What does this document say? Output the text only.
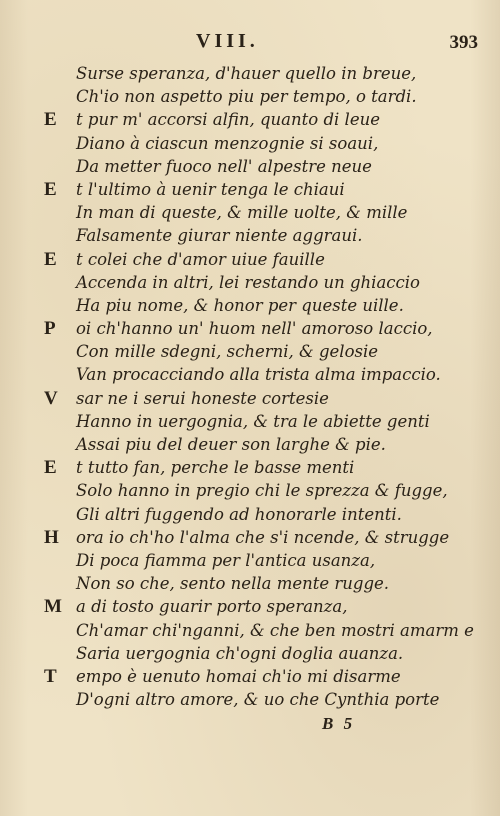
VIII.	393
Surse speranza, d'hauer quello in breue,
Ch'io non aspetto piu per tempo, o tardi.
E t pur m' accorsi alfin, quanto di leue
Diano à ciascun menzognie si soaui,
Da metter fuoco nell' alpestre neue
E t l'ultimo à uenir tenga le chiaui
In man di queste, & mille uolte, & mille
Falsamente giurar niente aggraui.
E t colei che d'amor uiue fauille
Accenda in altri, lei restando un ghiaccio
Ha piu nome, & honor per queste uille.
P oi ch'hanno un' huom nell' amoroso laccio,
Con mille sdegni, scherni, & gelosie
Van procacciando alla trista alma impaccio.
V sar ne i serui honeste cortesie
Hanno in uergognia, & tra le abiette genti
Assai piu del deuer son larghe & pie.
E t tutto fan, perche le basse menti
Solo hanno in pregio chi le sprezza & fugge,
Gli altri fuggendo ad honorarle intenti.
H ora io ch'ho l'alma che s'i ncende, & strugge
Di poca fiamma per l'antica usanza,
Non so che, sento nella mente rugge.
M a di tosto guarir porto speranza,
Ch'amar chi'nganni, & che ben mostri amarm e
Saria uergognia ch'ogni doglia auanza.
T empo è uenuto homai ch'io mi disarme
D'ogni altro amore, & uo che Cynthia porte
B 5
